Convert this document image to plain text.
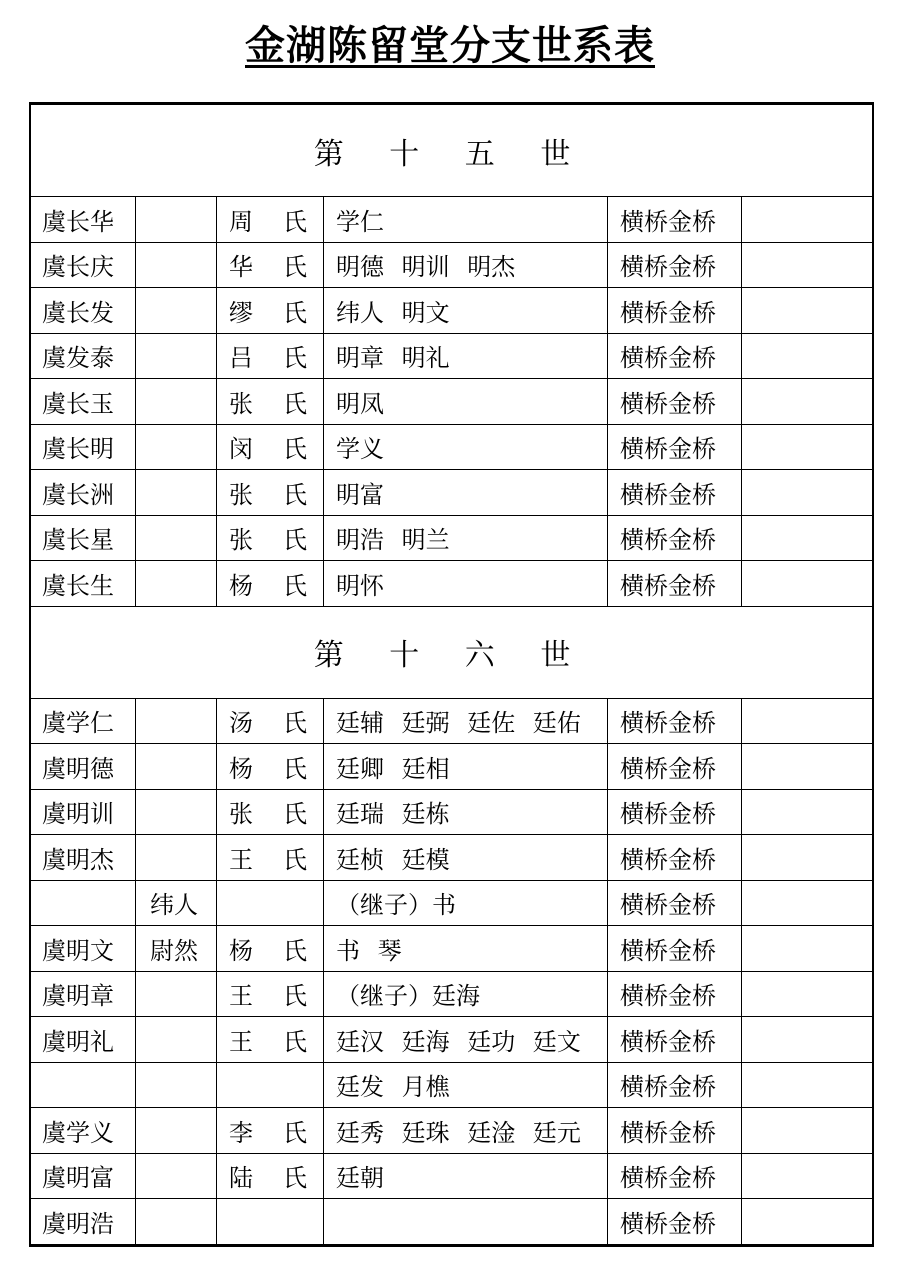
金湖陈留堂分支世系表
第 十 五 世					
虞长华		周 氏	学仁	横桥金桥	
虞长庆		华 氏	明德 明训 明杰	横桥金桥	
虞长发		缪 氏	纬人 明文	横桥金桥	
虞发泰		吕 氏	明章 明礼	横桥金桥	
虞长玉		张 氏	明凤	横桥金桥	
虞长明		闵 氏	学义	横桥金桥	
虞长洲		张 氏	明富	横桥金桥	
虞长星		张 氏	明浩 明兰	横桥金桥	
虞长生		杨 氏	明怀	横桥金桥	
第 十 六 世					
虞学仁		汤 氏	廷辅 廷弼 廷佐 廷佑	横桥金桥	
虞明德		杨 氏	廷卿 廷相	横桥金桥	
虞明训		张 氏	廷瑞 廷栋	横桥金桥	
虞明杰		王 氏	廷桢 廷模	横桥金桥	
	纬人		（继子）书	横桥金桥	
虞明文	尉然	杨 氏	书 琴	横桥金桥	
虞明章		王 氏	（继子）廷海	横桥金桥	
虞明礼		王 氏	廷汉 廷海 廷功 廷文	横桥金桥	
			廷发 月樵	横桥金桥	
虞学义		李 氏	廷秀 廷珠 廷淦 廷元	横桥金桥	
虞明富		陆 氏	廷朝	横桥金桥	
虞明浩				横桥金桥	
